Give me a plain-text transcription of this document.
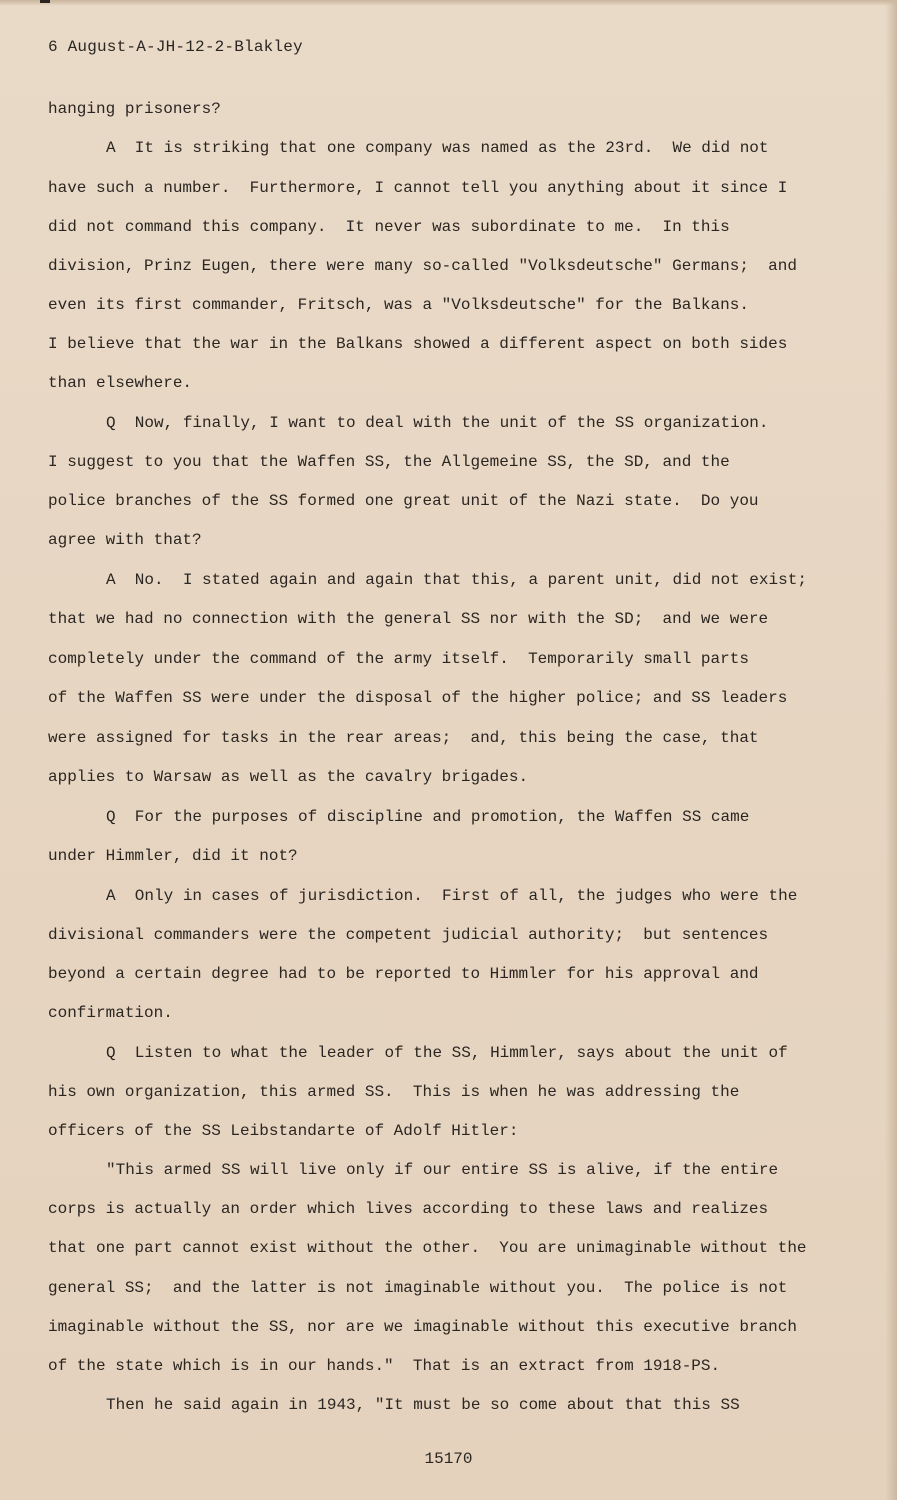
6 August-A-JH-12-2-Blakley
hanging prisoners?
A  It is striking that one company was named as the 23rd.  We did not
have such a number.  Furthermore, I cannot tell you anything about it since I
did not command this company.  It never was subordinate to me.  In this
division, Prinz Eugen, there were many so-called "Volksdeutsche" Germans;  and
even its first commander, Fritsch, was a "Volksdeutsche" for the Balkans.
I believe that the war in the Balkans showed a different aspect on both sides
than elsewhere.
Q  Now, finally, I want to deal with the unit of the SS organization.
I suggest to you that the Waffen SS, the Allgemeine SS, the SD, and the
police branches of the SS formed one great unit of the Nazi state.  Do you
agree with that?
A  No.  I stated again and again that this, a parent unit, did not exist;
that we had no connection with the general SS nor with the SD;  and we were
completely under the command of the army itself.  Temporarily small parts
of the Waffen SS were under the disposal of the higher police; and SS leaders
were assigned for tasks in the rear areas;  and, this being the case, that
applies to Warsaw as well as the cavalry brigades.
Q  For the purposes of discipline and promotion, the Waffen SS came
under Himmler, did it not?
A  Only in cases of jurisdiction.  First of all, the judges who were the
divisional commanders were the competent judicial authority;  but sentences
beyond a certain degree had to be reported to Himmler for his approval and
confirmation.
Q  Listen to what the leader of the SS, Himmler, says about the unit of
his own organization, this armed SS.  This is when he was addressing the
officers of the SS Leibstandarte of Adolf Hitler:
"This armed SS will live only if our entire SS is alive, if the entire
corps is actually an order which lives according to these laws and realizes
that one part cannot exist without the other.  You are unimaginable without the
general SS;  and the latter is not imaginable without you.  The police is not
imaginable without the SS, nor are we imaginable without this executive branch
of the state which is in our hands."  That is an extract from 1918-PS.
Then he said again in 1943, "It must be so come about that this SS
15170
